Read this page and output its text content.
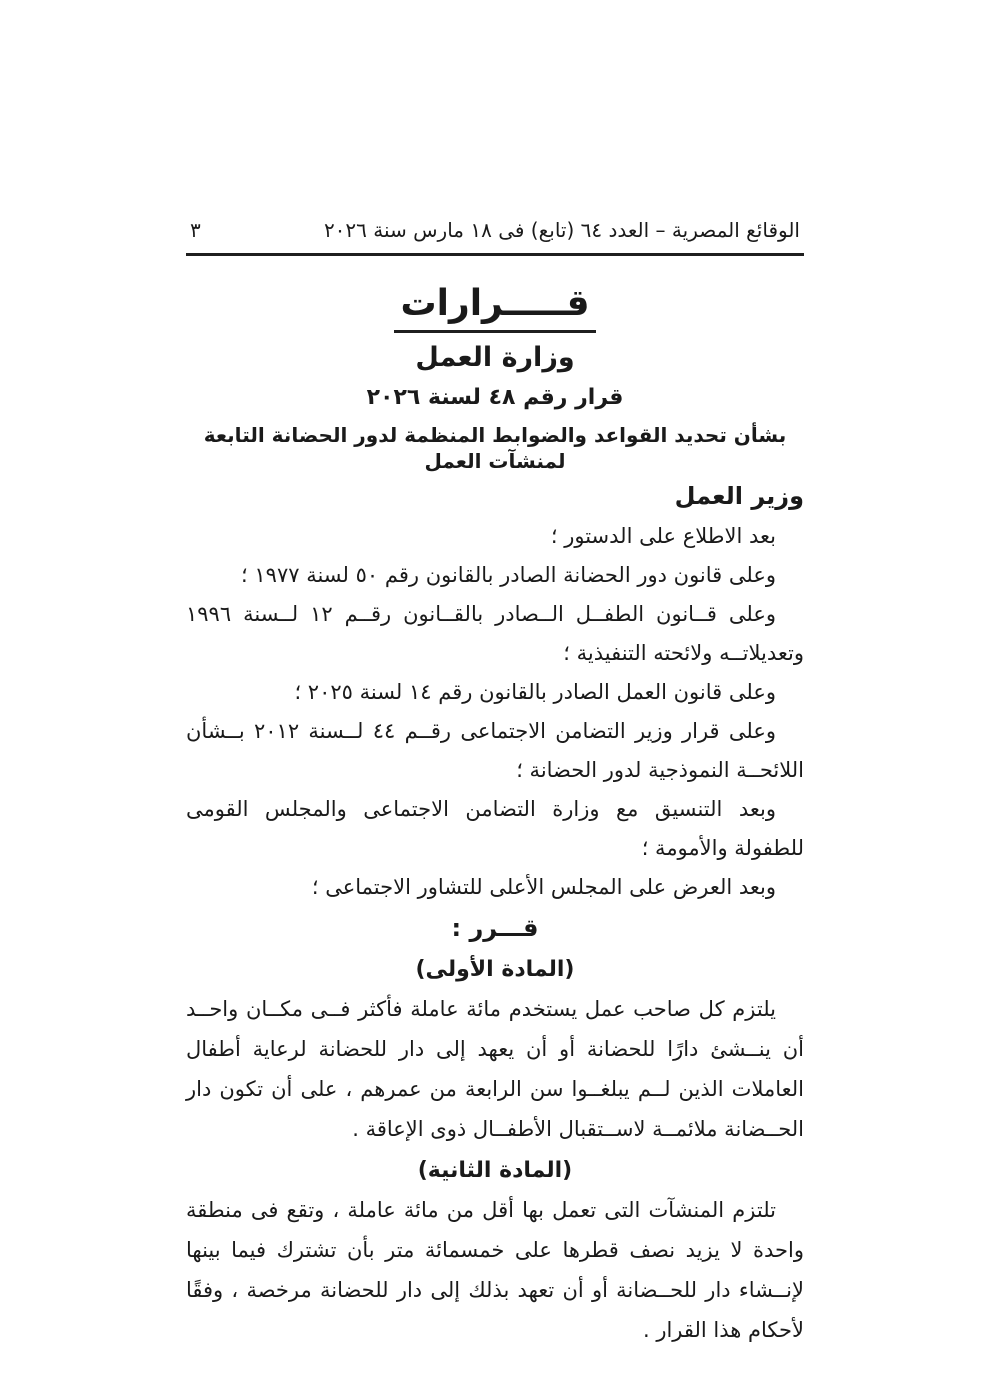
الوقائع المصرية – العدد ٦٤ (تابع) فى ١٨ مارس سنة ٢٠٢٦
٣
قـــــرارات
وزارة العمل
قرار رقم ٤٨ لسنة ٢٠٢٦
بشأن تحديد القواعد والضوابط المنظمة لدور الحضانة التابعة لمنشآت العمل
وزير العمل

بعد الاطلاع على الدستور ؛

وعلى قانون دور الحضانة الصادر بالقانون رقم ٥٠ لسنة ١٩٧٧ ؛

وعلى قــانون الطفــل الــصادر بالقــانون رقــم ١٢ لــسنة ١٩٩٦ وتعديلاتــه ولائحته التنفيذية ؛

وعلى قانون العمل الصادر بالقانون رقم ١٤ لسنة ٢٠٢٥ ؛

وعلى قرار وزير التضامن الاجتماعى رقــم ٤٤ لــسنة ٢٠١٢ بــشأن اللائحــة النموذجية لدور الحضانة ؛

وبعد التنسيق مع وزارة التضامن الاجتماعى والمجلس القومى للطفولة والأمومة ؛

وبعد العرض على المجلس الأعلى للتشاور الاجتماعى ؛

قـــرر :
(المادة الأولى)

يلتزم كل صاحب عمل يستخدم مائة عاملة فأكثر فــى مكــان واحــد أن ينــشئ دارًا للحضانة أو أن يعهد إلى دار للحضانة لرعاية أطفال العاملات الذين لــم يبلغــوا سن الرابعة من عمرهم ، على أن تكون دار الحــضانة ملائمــة لاســتقبال الأطفــال ذوى الإعاقة .

(المادة الثانية)

تلتزم المنشآت التى تعمل بها أقل من مائة عاملة ، وتقع فى منطقة واحدة لا يزيد نصف قطرها على خمسمائة متر بأن تشترك فيما بينها لإنــشاء دار للحــضانة أو أن تعهد بذلك إلى دار للحضانة مرخصة ، وفقًا لأحكام هذا القرار .
